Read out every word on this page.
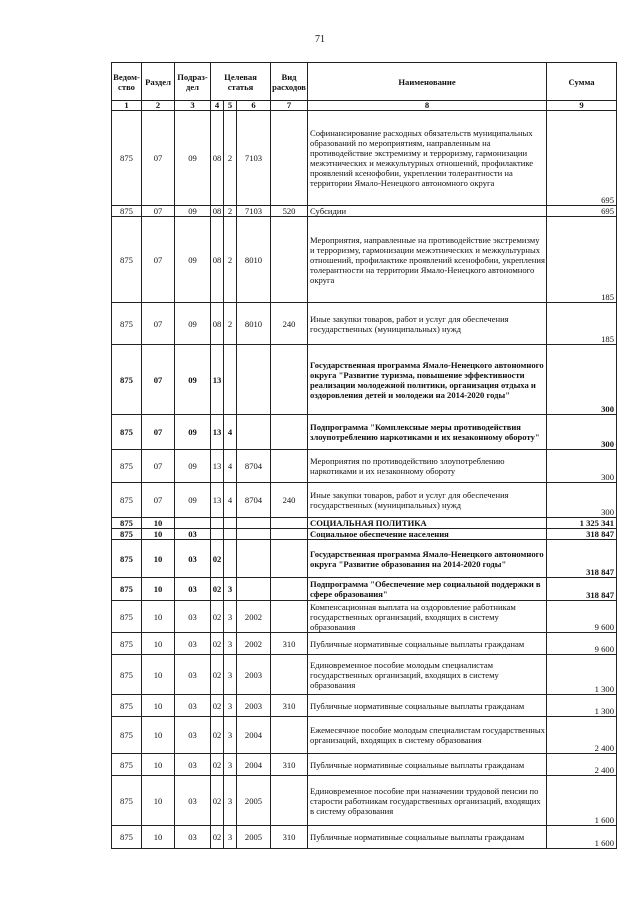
71
Ведом-ство	Раздел	Подраз-дел	Целевая статья			Вид расходов	Наименование	Сумма
1	2	3	4	5	6	7	8	9
875	07	09	08	2	7103		Софинансирование расходных обязательств муниципальных образований по мероприятиям, направленным на противодействие экстремизму и терроризму, гармонизации межэтнических и межкультурных отношений, профилактике проявлений ксенофобии, укреплении толерантности на территории Ямало-Ненецкого автономного округа	695
875	07	09	08	2	7103	520	Субсидии	695
875	07	09	08	2	8010		Мероприятия, направленные на противодействие экстремизму и терроризму, гармонизации межэтнических и межкультурных отношений, профилактике проявлений ксенофобии, укрепления толерантности на территории Ямало-Ненецкого автономного округа	185
875	07	09	08	2	8010	240	Иные закупки товаров, работ и услуг для обеспечения государственных (муниципальных) нужд	185
875	07	09	13				Государственная программа Ямало-Ненецкого автономного округа "Развитие туризма, повышение эффективности реализации молодежной политики, организация отдыха и оздоровления детей и молодежи на 2014-2020 годы"	300
875	07	09	13	4			Подпрограмма "Комплексные меры противодействия злоупотреблению наркотиками и их незаконному обороту"	300
875	07	09	13	4	8704		Мероприятия по противодействию злоупотреблению наркотиками и их незаконному обороту	300
875	07	09	13	4	8704	240	Иные закупки товаров, работ и услуг для обеспечения государственных (муниципальных) нужд	300
875	10						СОЦИАЛЬНАЯ ПОЛИТИКА	1 325 341
875	10	03					Социальное обеспечение населения	318 847
875	10	03	02				Государственная программа Ямало-Ненецкого автономного округа "Развитие образования на 2014-2020 годы"	318 847
875	10	03	02	3			Подпрограмма "Обеспечение мер социальной поддержки в сфере образования"	318 847
875	10	03	02	3	2002		Компенсационная выплата на оздоровление работникам государственных организаций, входящих в систему образования	9 600
875	10	03	02	3	2002	310	Публичные нормативные социальные выплаты гражданам	9 600
875	10	03	02	3	2003		Единовременное пособие молодым специалистам государственных организаций, входящих в систему образования	1 300
875	10	03	02	3	2003	310	Публичные нормативные социальные выплаты гражданам	1 300
875	10	03	02	3	2004		Ежемесячное пособие молодым специалистам государственных организаций, входящих в систему образования	2 400
875	10	03	02	3	2004	310	Публичные нормативные социальные выплаты гражданам	2 400
875	10	03	02	3	2005		Единовременное пособие при назначении трудовой пенсии по старости работникам государственных организаций, входящих в систему образования	1 600
875	10	03	02	3	2005	310	Публичные нормативные социальные выплаты гражданам	1 600
